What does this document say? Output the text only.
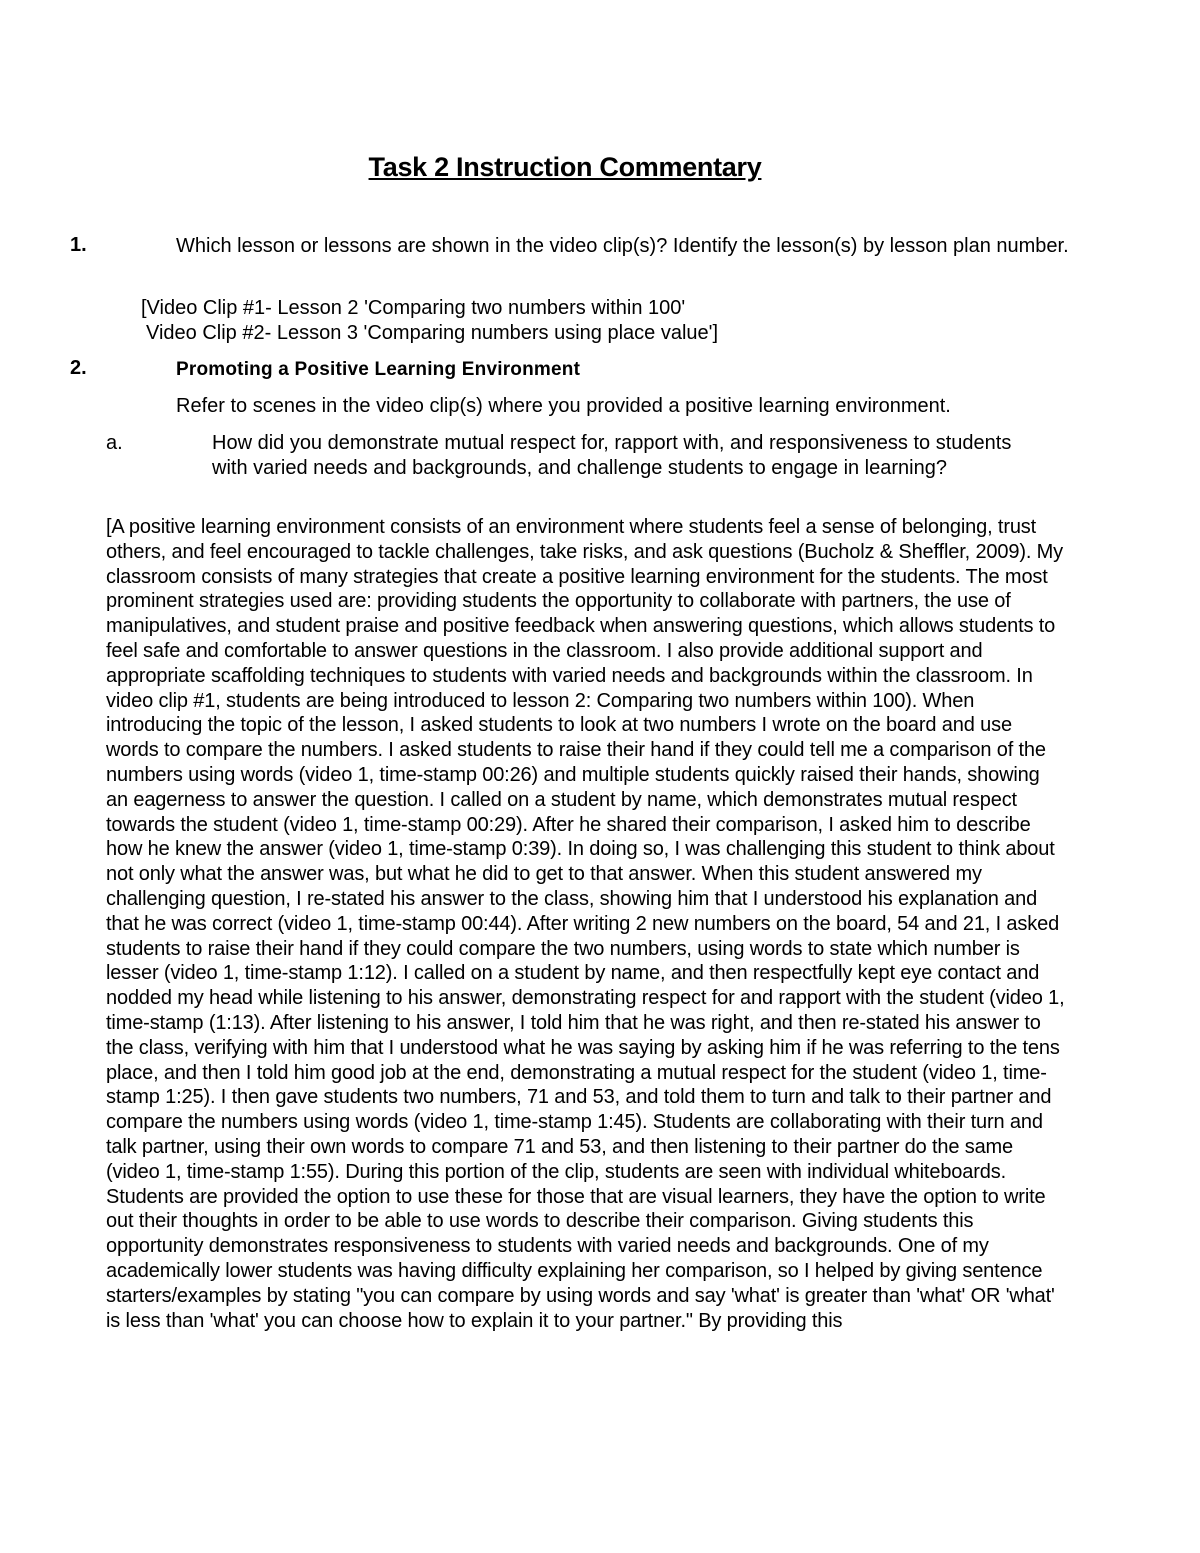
Task 2 Instruction Commentary
1.	Which lesson or lessons are shown in the video clip(s)? Identify the lesson(s) by lesson plan number.
[Video Clip #1- Lesson 2 'Comparing two numbers within 100'
Video Clip #2- Lesson 3 'Comparing numbers using place value']
2.	Promoting a Positive Learning Environment
Refer to scenes in the video clip(s) where you provided a positive learning environment.
a.	How did you demonstrate mutual respect for, rapport with, and responsiveness to students with varied needs and backgrounds, and challenge students to engage in learning?
[A positive learning environment consists of an environment where students feel a sense of belonging, trust others, and feel encouraged to tackle challenges, take risks, and ask questions (Bucholz & Sheffler, 2009). My classroom consists of many strategies that create a positive learning environment for the students. The most prominent strategies used are: providing students the opportunity to collaborate with partners, the use of manipulatives, and student praise and positive feedback when answering questions, which allows students to feel safe and comfortable to answer questions in the classroom. I also provide additional support and appropriate scaffolding techniques to students with varied needs and backgrounds within the classroom. In video clip #1, students are being introduced to lesson 2: Comparing two numbers within 100). When introducing the topic of the lesson, I asked students to look at two numbers I wrote on the board and use words to compare the numbers. I asked students to raise their hand if they could tell me a comparison of the numbers using words (video 1, time-stamp 00:26) and multiple students quickly raised their hands, showing an eagerness to answer the question. I called on a student by name, which demonstrates mutual respect towards the student (video 1, time-stamp 00:29). After he shared their comparison, I asked him to describe how he knew the answer (video 1, time-stamp 0:39). In doing so, I was challenging this student to think about not only what the answer was, but what he did to get to that answer. When this student answered my challenging question, I re-stated his answer to the class, showing him that I understood his explanation and that he was correct (video 1, time-stamp 00:44). After writing 2 new numbers on the board, 54 and 21, I asked students to raise their hand if they could compare the two numbers, using words to state which number is lesser (video 1, time-stamp 1:12). I called on a student by name, and then respectfully kept eye contact and nodded my head while listening to his answer, demonstrating respect for and rapport with the student (video 1, time-stamp (1:13). After listening to his answer, I told him that he was right, and then re-stated his answer to the class, verifying with him that I understood what he was saying by asking him if he was referring to the tens place, and then I told him good job at the end, demonstrating a mutual respect for the student (video 1, time-stamp 1:25). I then gave students two numbers, 71 and 53, and told them to turn and talk to their partner and compare the numbers using words (video 1, time-stamp 1:45). Students are collaborating with their turn and talk partner, using their own words to compare 71 and 53, and then listening to their partner do the same (video 1, time-stamp 1:55). During this portion of the clip, students are seen with individual whiteboards. Students are provided the option to use these for those that are visual learners, they have the option to write out their thoughts in order to be able to use words to describe their comparison. Giving students this opportunity demonstrates responsiveness to students with varied needs and backgrounds. One of my academically lower students was having difficulty explaining her comparison, so I helped by giving sentence starters/examples by stating "you can compare by using words and say 'what' is greater than 'what' OR 'what' is less than 'what' you can choose how to explain it to your partner." By providing this
